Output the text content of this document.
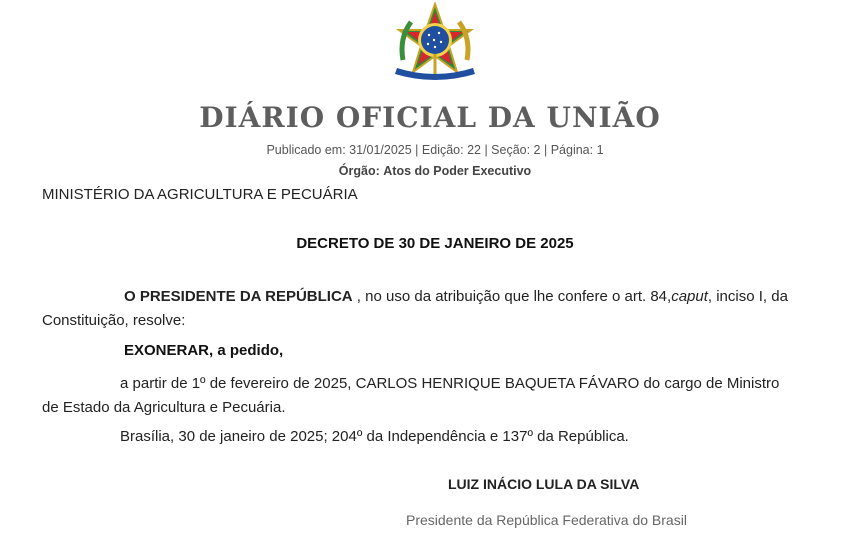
DIÁRIO OFICIAL DA UNIÃO
Publicado em: 31/01/2025 | Edição: 22 | Seção: 2 | Página: 1
Órgão: Atos do Poder Executivo
MINISTÉRIO DA AGRICULTURA E PECUÁRIA
DECRETO DE 30 DE JANEIRO DE 2025
O PRESIDENTE DA REPÚBLICA , no uso da atribuição que lhe confere o art. 84,caput, inciso I, da
Constituição, resolve:
EXONERAR, a pedido,
a partir de 1º de fevereiro de 2025, CARLOS HENRIQUE BAQUETA FÁVARO do cargo de Ministro
de Estado da Agricultura e Pecuária.
Brasília, 30 de janeiro de 2025; 204º da Independência e 137º da República.
LUIZ INÁCIO LULA DA SILVA
Presidente da República Federativa do Brasil
